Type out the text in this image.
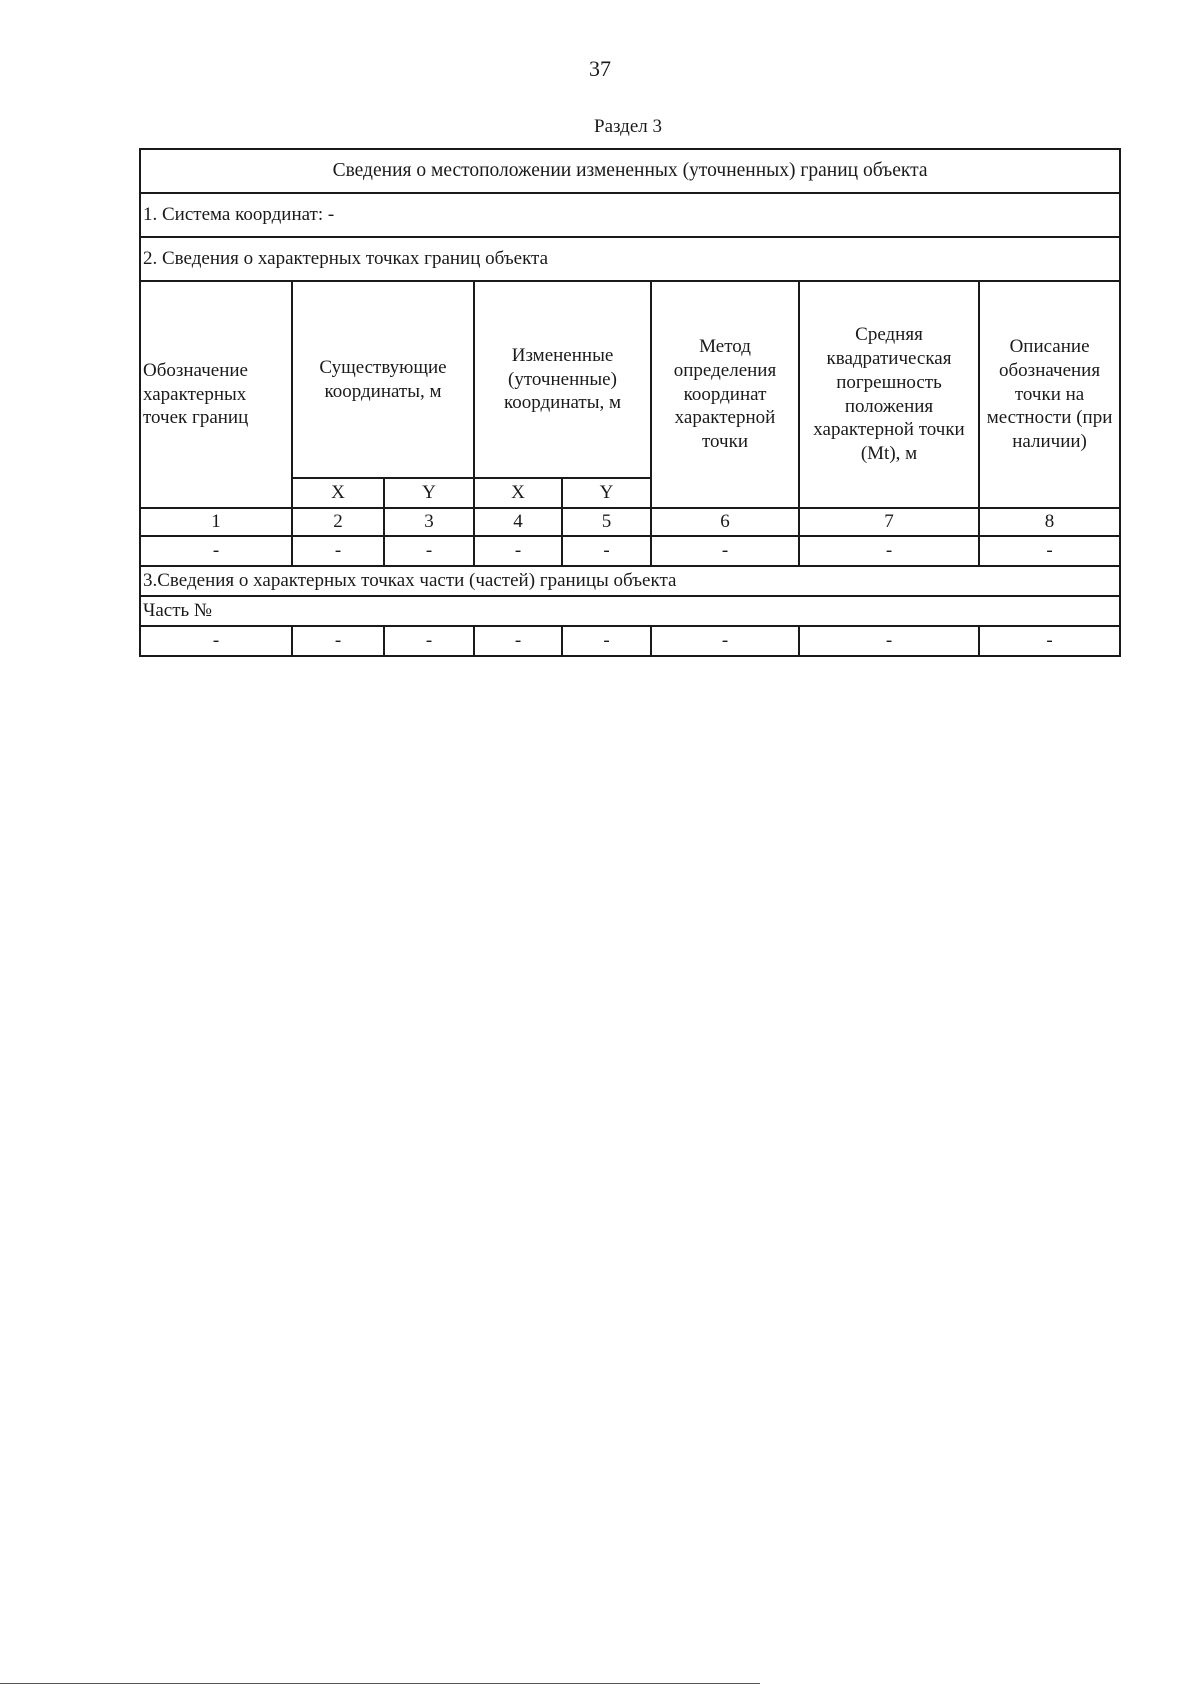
37
Раздел 3
Сведения о местоположении измененных (уточненных) границ объекта							
1. Система координат: -							
2. Сведения о характерных точках границ объекта							
Обозначение характерных точек границ	Существующие координаты, м		Измененные (уточненные) координаты, м		Метод определения координат характерной точки	Средняя квадратическая погрешность положения характерной точки (Mt), м	Описание обозначения точки на местности (при наличии)
	X	Y	X	Y			
1	2	3	4	5	6	7	8
-	-	-	-	-	-	-	-
3.Сведения о характерных точках части (частей) границы объекта							
Часть №							
-	-	-	-	-	-	-	-
